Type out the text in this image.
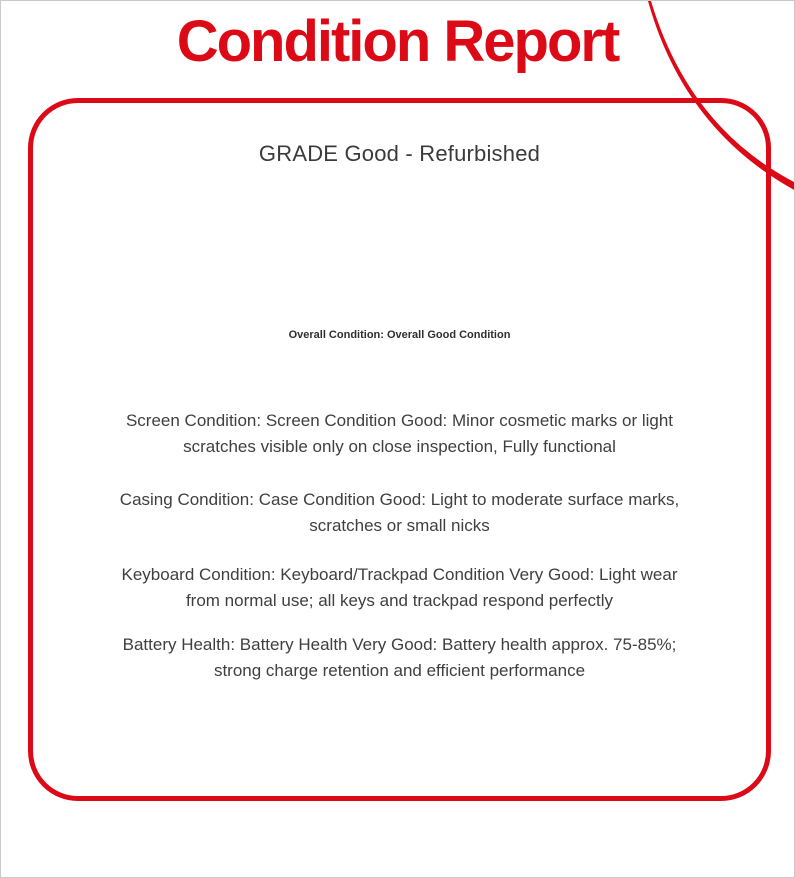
Condition Report
GRADE Good - Refurbished
Overall Condition: Overall Good Condition
Screen Condition: Screen Condition Good: Minor cosmetic marks or light
scratches visible only on close inspection, Fully functional
Casing Condition: Case Condition Good: Light to moderate surface marks,
scratches or small nicks
Keyboard Condition: Keyboard/Trackpad Condition Very Good: Light wear
from normal use; all keys and trackpad respond perfectly
Battery Health: Battery Health Very Good: Battery health approx. 75-85%;
strong charge retention and efficient performance
